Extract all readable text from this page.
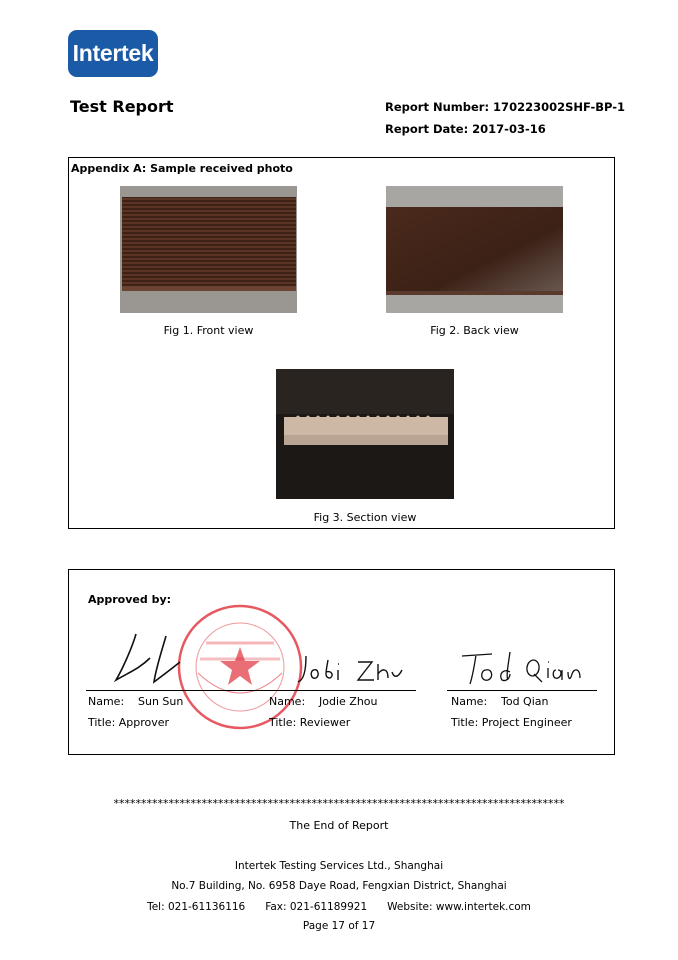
Intertek
Test Report	Report Number: 170223002SHF-BP-1
Report Date: 2017-03-16
Appendix A: Sample received photo
Fig 1. Front view	Fig 2. Back view
Fig 3. Section view
Approved by:
Name: Sun Sun
Title: Approver
Name: Jodie Zhou
Title: Reviewer
Name: Tod Qian
Title: Project Engineer
**********************************************************************************
The End of Report
Intertek Testing Services Ltd., Shanghai
No.7 Building, No. 6958 Daye Road, Fengxian District, Shanghai
Tel: 021-61136116      Fax: 021-61189921      Website: www.intertek.com
Page 17 of 17
